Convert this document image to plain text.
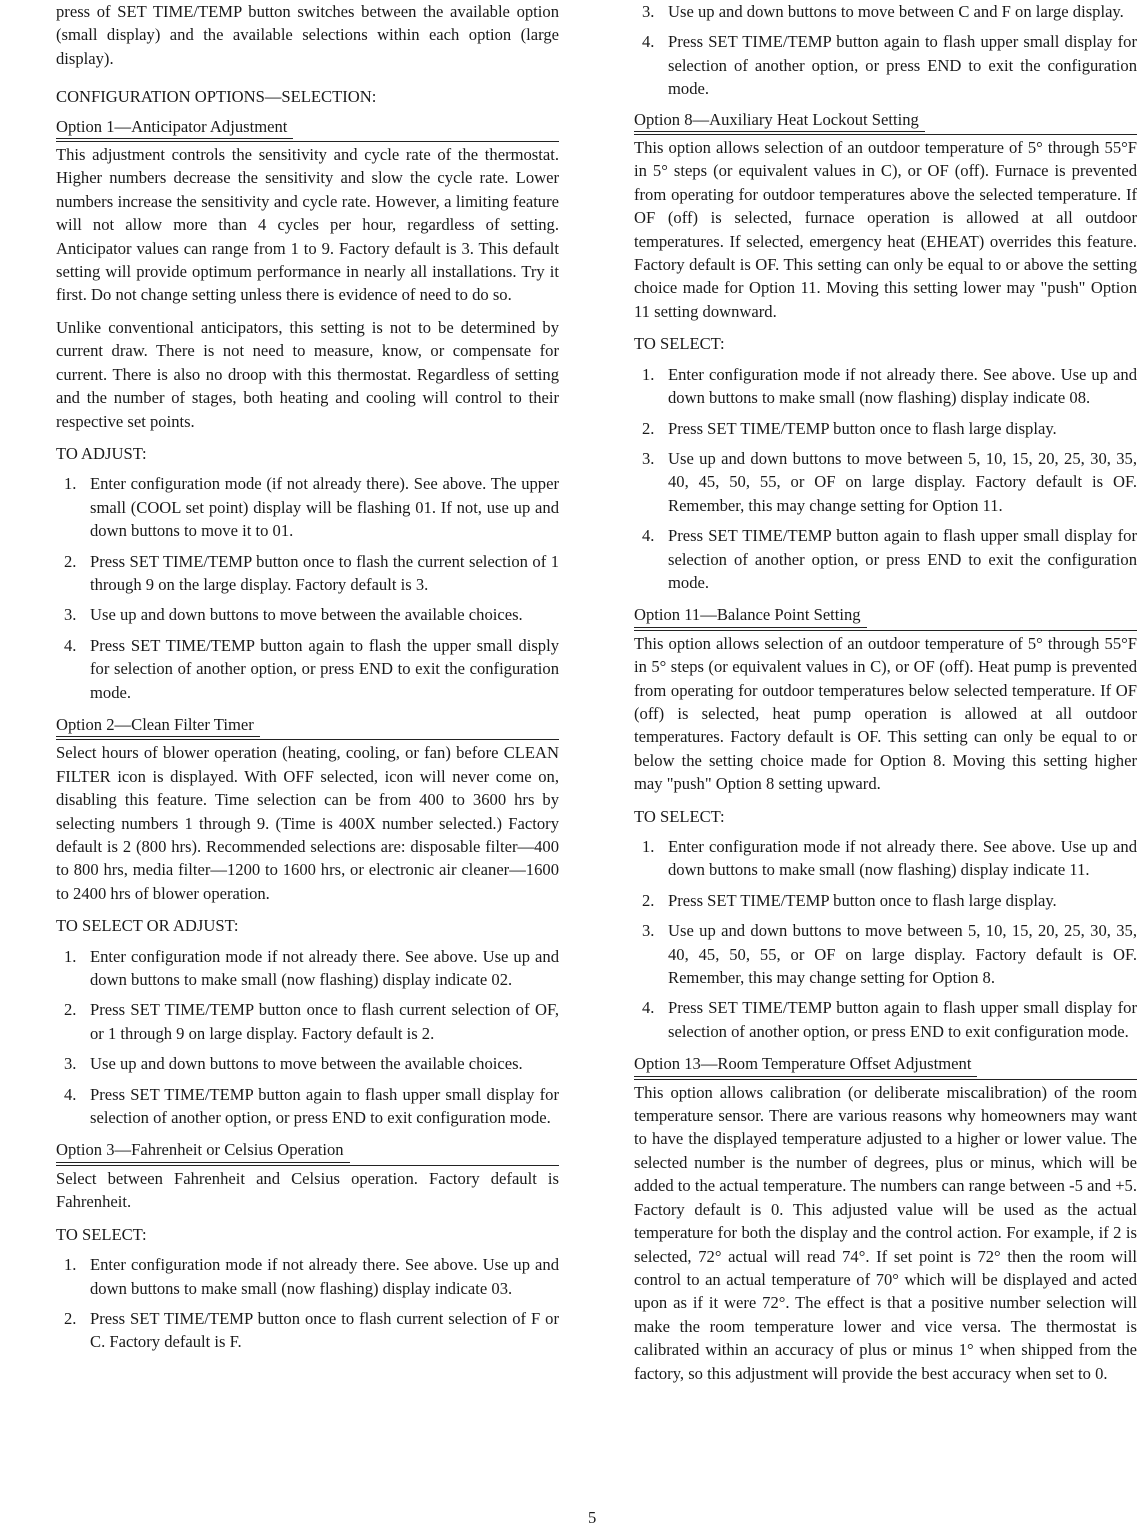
press of SET TIME/TEMP button switches between the available option (small display) and the available selections within each option (large display).

CONFIGURATION OPTIONS—SELECTION:

Option 1—Anticipator Adjustment

This adjustment controls the sensitivity and cycle rate of the thermostat. Higher numbers decrease the sensitivity and slow the cycle rate. Lower numbers increase the sensitivity and cycle rate. However, a limiting feature will not allow more than 4 cycles per hour, regardless of setting. Anticipator values can range from 1 to 9. Factory default is 3. This default setting will provide optimum performance in nearly all installations. Try it first. Do not change setting unless there is evidence of need to do so.

Unlike conventional anticipators, this setting is not to be determined by current draw. There is not need to measure, know, or compensate for current. There is also no droop with this thermostat. Regardless of setting and the number of stages, both heating and cooling will control to their respective set points.

TO ADJUST:

1. Enter configuration mode (if not already there). See above. The upper small (COOL set point) display will be flashing 01. If not, use up and down buttons to move it to 01.
2. Press SET TIME/TEMP button once to flash the current selection of 1 through 9 on the large display. Factory default is 3.
3. Use up and down buttons to move between the available choices.
4. Press SET TIME/TEMP button again to flash the upper small disply for selection of another option, or press END to exit the configuration mode.
Option 2—Clean Filter Timer

Select hours of blower operation (heating, cooling, or fan) before CLEAN FILTER icon is displayed. With OFF selected, icon will never come on, disabling this feature. Time selection can be from 400 to 3600 hrs by selecting numbers 1 through 9. (Time is 400X number selected.) Factory default is 2 (800 hrs). Recommended selections are: disposable filter—400 to 800 hrs, media filter—1200 to 1600 hrs, or electronic air cleaner—1600 to 2400 hrs of blower operation.

TO SELECT OR ADJUST:

1. Enter configuration mode if not already there. See above. Use up and down buttons to make small (now flashing) display indicate 02.
2. Press SET TIME/TEMP button once to flash current selection of OF, or 1 through 9 on large display. Factory default is 2.
3. Use up and down buttons to move between the available choices.
4. Press SET TIME/TEMP button again to flash upper small display for selection of another option, or press END to exit configuration mode.
Option 3—Fahrenheit or Celsius Operation

Select between Fahrenheit and Celsius operation. Factory default is Fahrenheit.

TO SELECT:

1. Enter configuration mode if not already there. See above. Use up and down buttons to make small (now flashing) display indicate 03.
2. Press SET TIME/TEMP button once to flash current selection of F or C. Factory default is F.
3. Use up and down buttons to move between C and F on large display.
4. Press SET TIME/TEMP button again to flash upper small display for selection of another option, or press END to exit the configuration mode.
Option 8—Auxiliary Heat Lockout Setting

This option allows selection of an outdoor temperature of 5° through 55°F in 5° steps (or equivalent values in C), or OF (off). Furnace is prevented from operating for outdoor temperatures above the selected temperature. If OF (off) is selected, furnace operation is allowed at all outdoor temperatures. If selected, emergency heat (EHEAT) overrides this feature. Factory default is OF. This setting can only be equal to or above the setting choice made for Option 11. Moving this setting lower may "push" Option 11 setting downward.

TO SELECT:

1. Enter configuration mode if not already there. See above. Use up and down buttons to make small (now flashing) display indicate 08.
2. Press SET TIME/TEMP button once to flash large display.
3. Use up and down buttons to move between 5, 10, 15, 20, 25, 30, 35, 40, 45, 50, 55, or OF on large display. Factory default is OF. Remember, this may change setting for Option 11.
4. Press SET TIME/TEMP button again to flash upper small display for selection of another option, or press END to exit the configuration mode.
Option 11—Balance Point Setting

This option allows selection of an outdoor temperature of 5° through 55°F in 5° steps (or equivalent values in C), or OF (off). Heat pump is prevented from operating for outdoor temperatures below selected temperature. If OF (off) is selected, heat pump operation is allowed at all outdoor temperatures. Factory default is OF. This setting can only be equal to or below the setting choice made for Option 8. Moving this setting higher may "push" Option 8 setting upward.

TO SELECT:

1. Enter configuration mode if not already there. See above. Use up and down buttons to make small (now flashing) display indicate 11.
2. Press SET TIME/TEMP button once to flash large display.
3. Use up and down buttons to move between 5, 10, 15, 20, 25, 30, 35, 40, 45, 50, 55, or OF on large display. Factory default is OF. Remember, this may change setting for Option 8.
4. Press SET TIME/TEMP button again to flash upper small display for selection of another option, or press END to exit configuration mode.
Option 13—Room Temperature Offset Adjustment

This option allows calibration (or deliberate miscalibration) of the room temperature sensor. There are various reasons why homeowners may want to have the displayed temperature adjusted to a higher or lower value. The selected number is the number of degrees, plus or minus, which will be added to the actual temperature. The numbers can range between -5 and +5. Factory default is 0. This adjusted value will be used as the actual temperature for both the display and the control action. For example, if 2 is selected, 72° actual will read 74°. If set point is 72° then the room will control to an actual temperature of 70° which will be displayed and acted upon as if it were 72°. The effect is that a positive number selection will make the room temperature lower and vice versa. The thermostat is calibrated within an accuracy of plus or minus 1° when shipped from the factory, so this adjustment will provide the best accuracy when set to 0.

5
